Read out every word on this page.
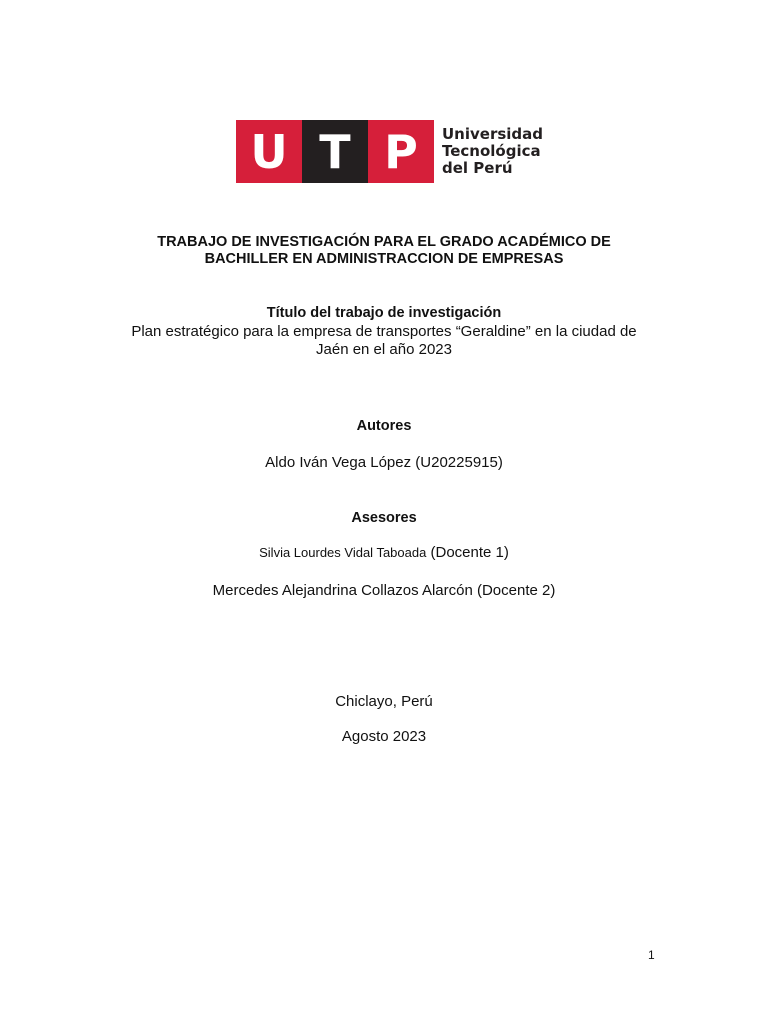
U T P Universidad
Tecnológica
del Perú
TRABAJO DE INVESTIGACIÓN PARA EL GRADO ACADÉMICO DE
BACHILLER EN ADMINISTRACCION DE EMPRESAS
Título del trabajo de investigación
Plan estratégico para la empresa de transportes “Geraldine” en la ciudad de
Jaén en el año 2023
Autores
Aldo Iván Vega López (U20225915)
Asesores
Silvia Lourdes Vidal Taboada (Docente 1)
Mercedes Alejandrina Collazos Alarcón (Docente 2)
Chiclayo, Perú
Agosto 2023
1
